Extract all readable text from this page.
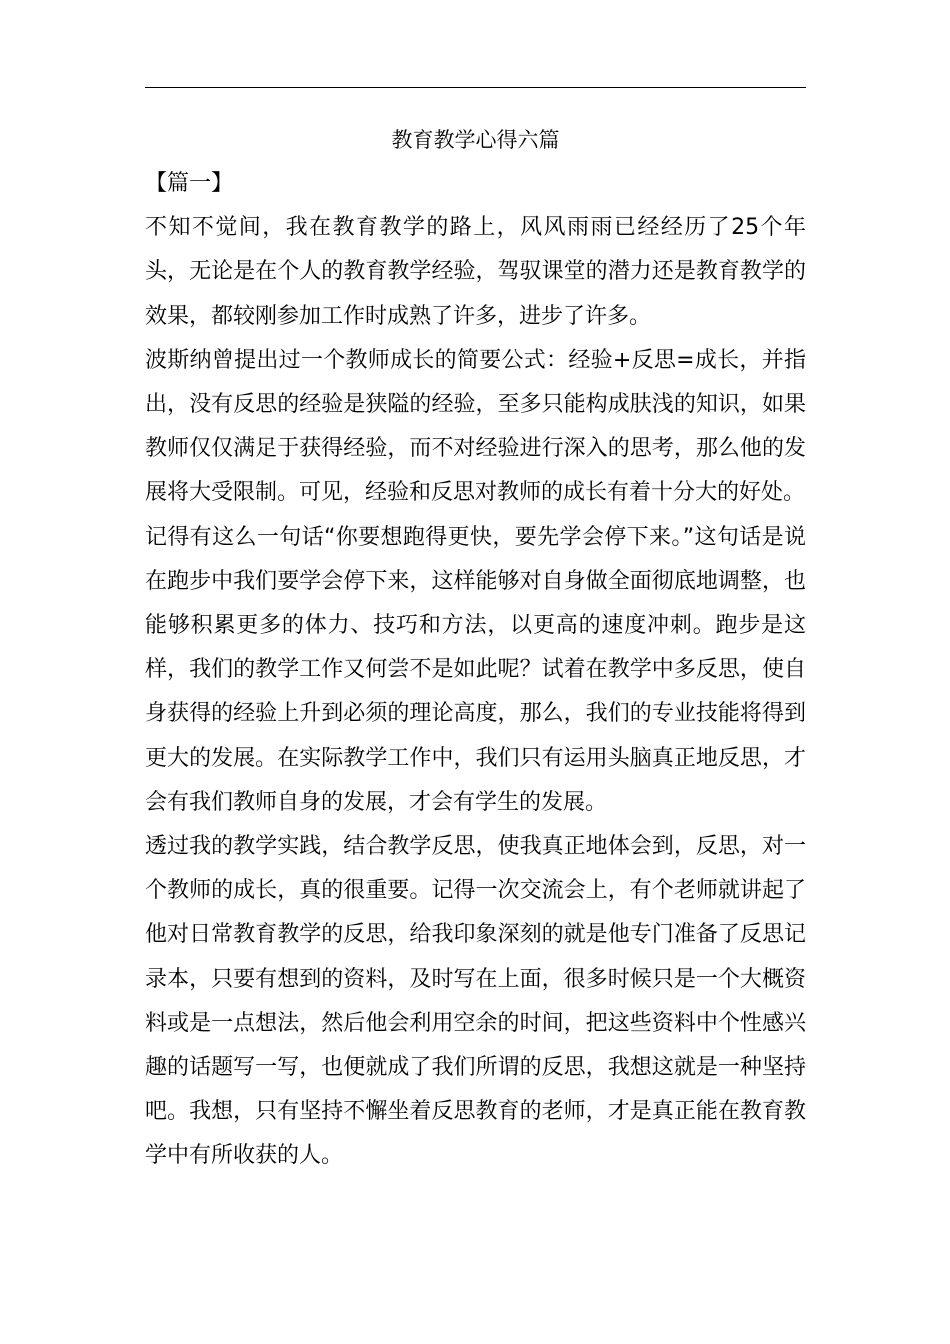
教育教学心得六篇

【篇一】

不知不觉间，我在教育教学的路上，风风雨雨已经经历了25个年头，无论是在个人的教育教学经验，驾驭课堂的潜力还是教育教学的效果，都较刚参加工作时成熟了许多，进步了许多。

波斯纳曾提出过一个教师成长的简要公式：经验+反思=成长，并指出，没有反思的经验是狭隘的经验，至多只能构成肤浅的知识，如果教师仅仅满足于获得经验，而不对经验进行深入的思考，那么他的发展将大受限制。可见，经验和反思对教师的成长有着十分大的好处。

记得有这么一句话“你要想跑得更快，要先学会停下来。”这句话是说在跑步中我们要学会停下来，这样能够对自身做全面彻底地调整，也能够积累更多的体力、技巧和方法，以更高的速度冲刺。跑步是这样，我们的教学工作又何尝不是如此呢？试着在教学中多反思，使自身获得的经验上升到必须的理论高度，那么，我们的专业技能将得到更大的发展。在实际教学工作中，我们只有运用头脑真正地反思，才会有我们教师自身的发展，才会有学生的发展。

透过我的教学实践，结合教学反思，使我真正地体会到，反思，对一个教师的成长，真的很重要。记得一次交流会上，有个老师就讲起了他对日常教育教学的反思，给我印象深刻的就是他专门准备了反思记录本，只要有想到的资料，及时写在上面，很多时候只是一个大概资料或是一点想法，然后他会利用空余的时间，把这些资料中个性感兴趣的话题写一写，也便就成了我们所谓的反思，我想这就是一种坚持吧。我想，只有坚持不懈坐着反思教育的老师，才是真正能在教育教学中有所收获的人。
